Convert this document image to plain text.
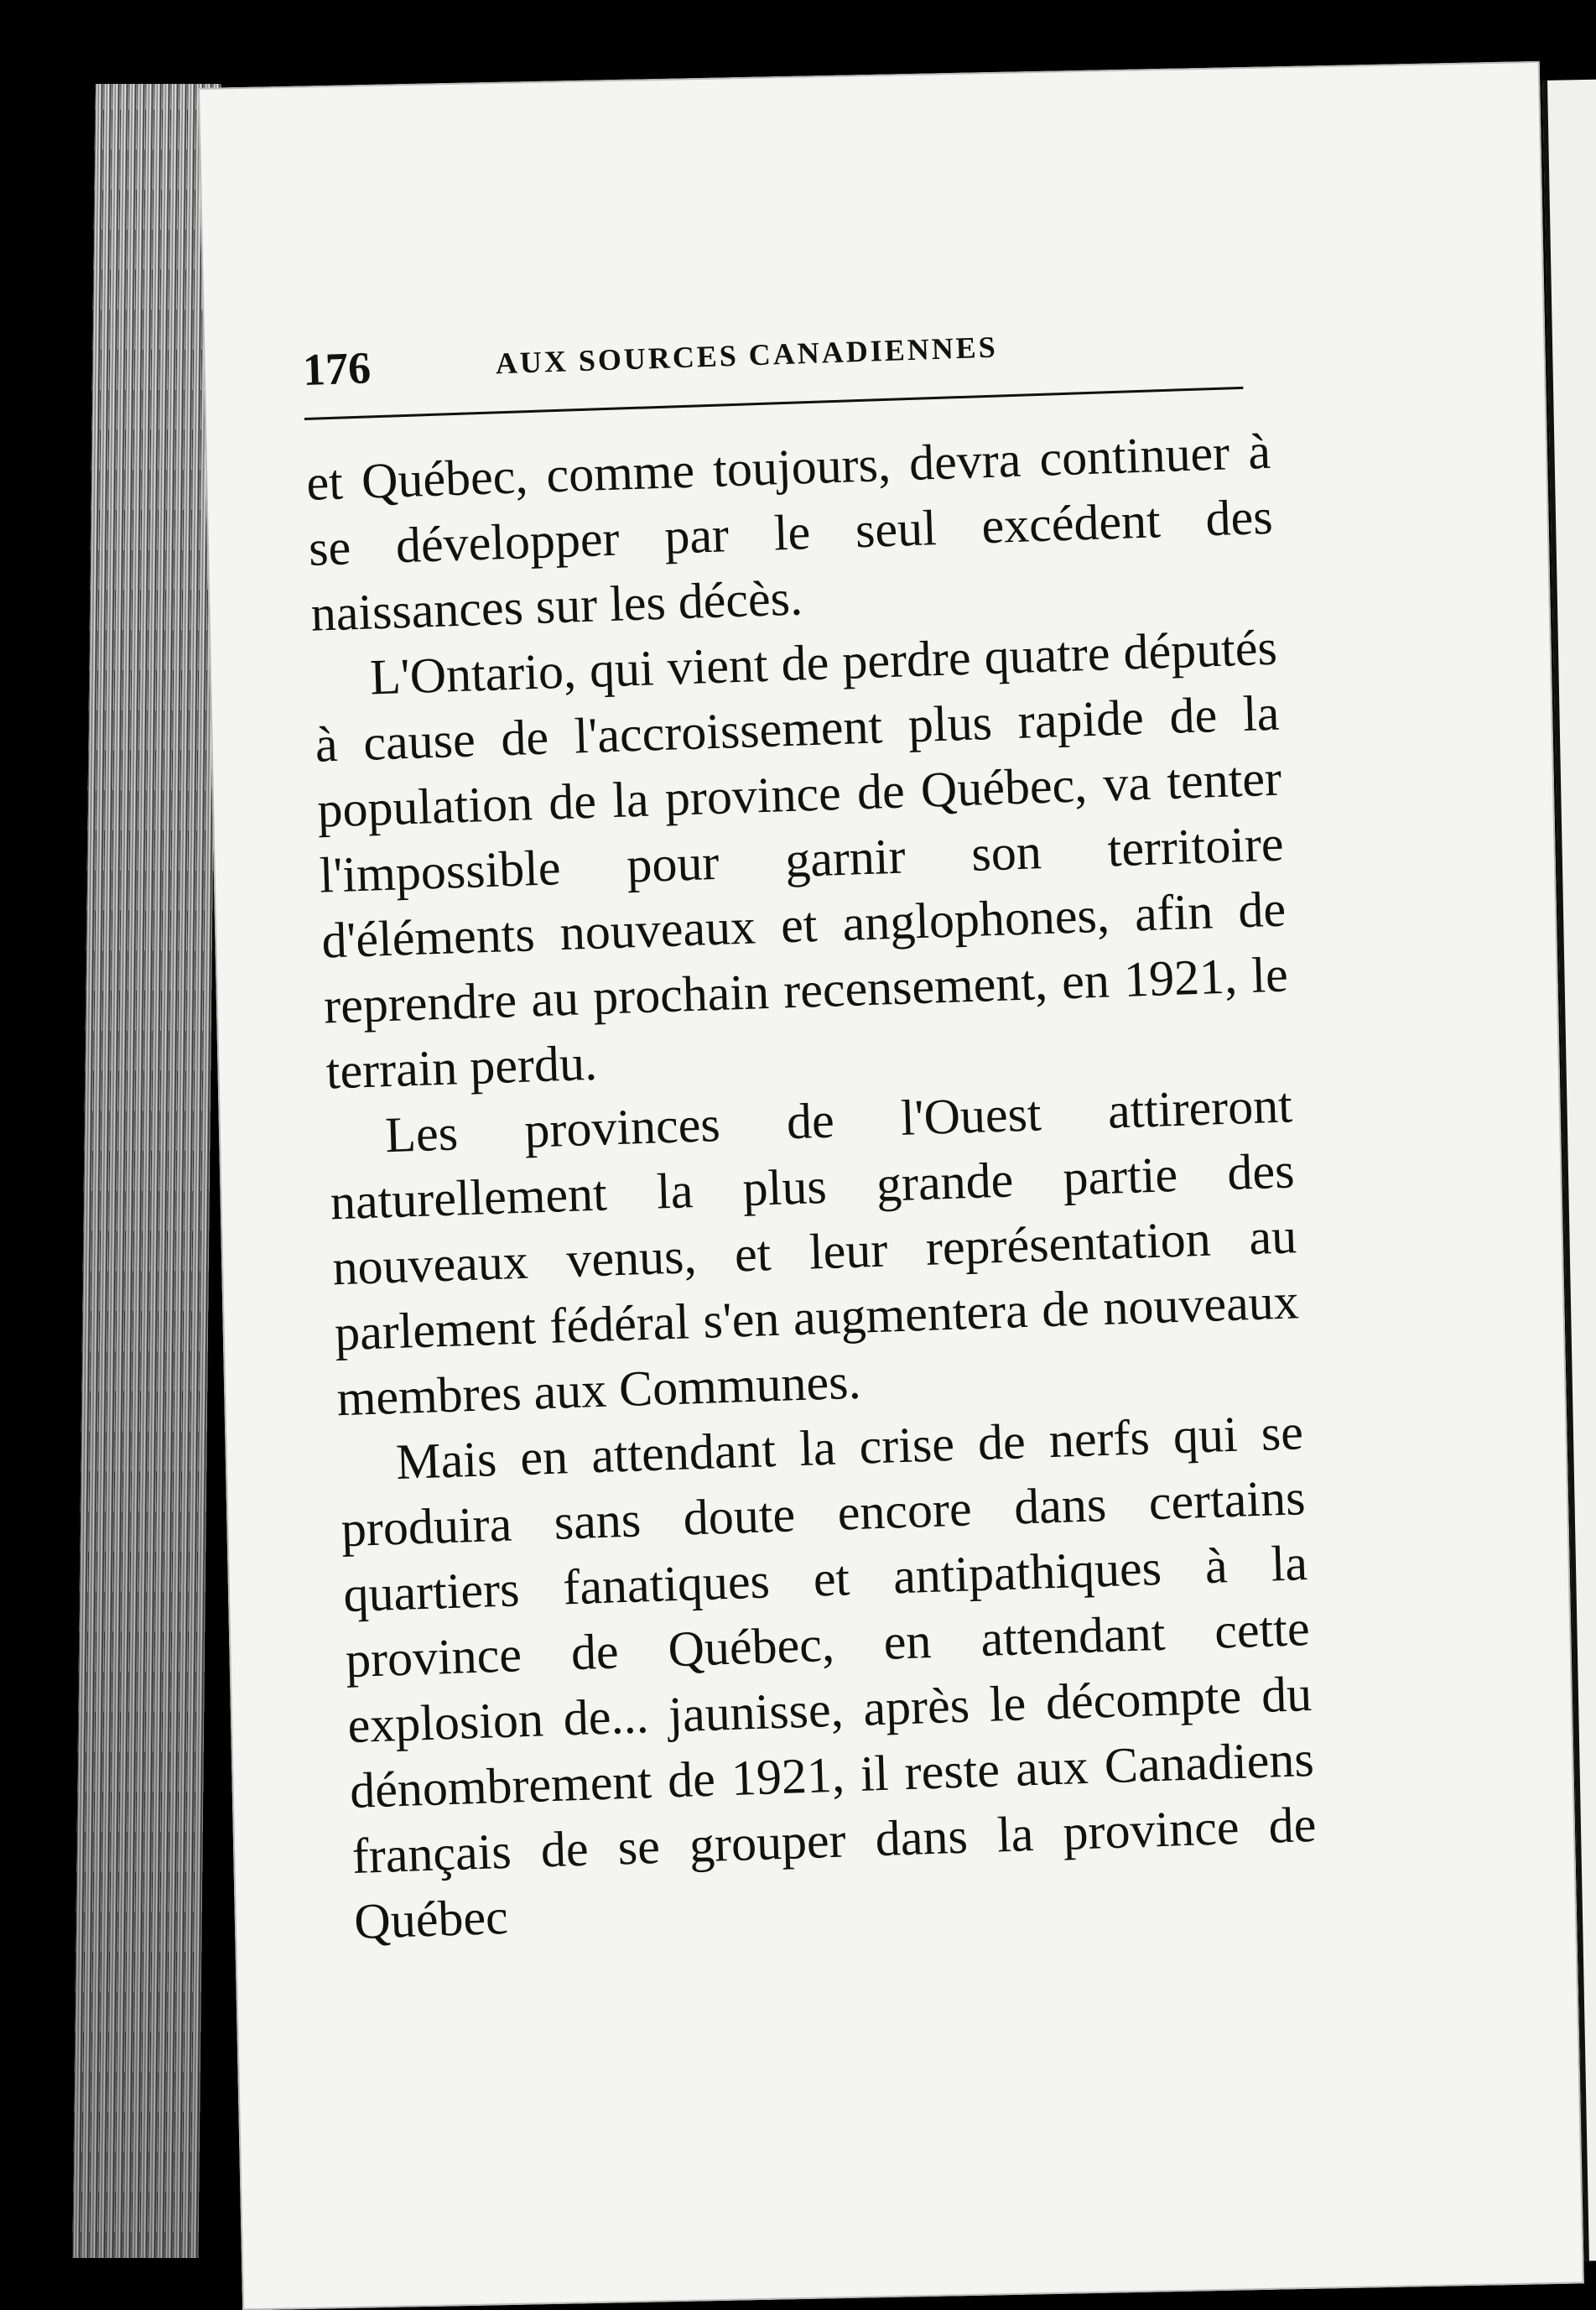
176	AUX SOURCES CANADIENNES

et Québec, comme toujours, devra continuer à se développer par le seul excédent des naissances sur les décès.

L'Ontario, qui vient de perdre quatre députés à cause de l'accroissement plus rapide de la population de la province de Québec, va tenter l'impossible pour garnir son territoire d'éléments nouveaux et anglophones, afin de reprendre au prochain recensement, en 1921, le terrain perdu.

Les provinces de l'Ouest attireront naturellement la plus grande partie des nouveaux venus, et leur représentation au parlement fédéral s'en augmentera de nouveaux membres aux Communes.

Mais en attendant la crise de nerfs qui se produira sans doute encore dans certains quartiers fanatiques et antipathiques à la province de Québec, en attendant cette explosion de... jaunisse, après le décompte du dénombrement de 1921, il reste aux Canadiens français de se grouper dans la province de Québec
